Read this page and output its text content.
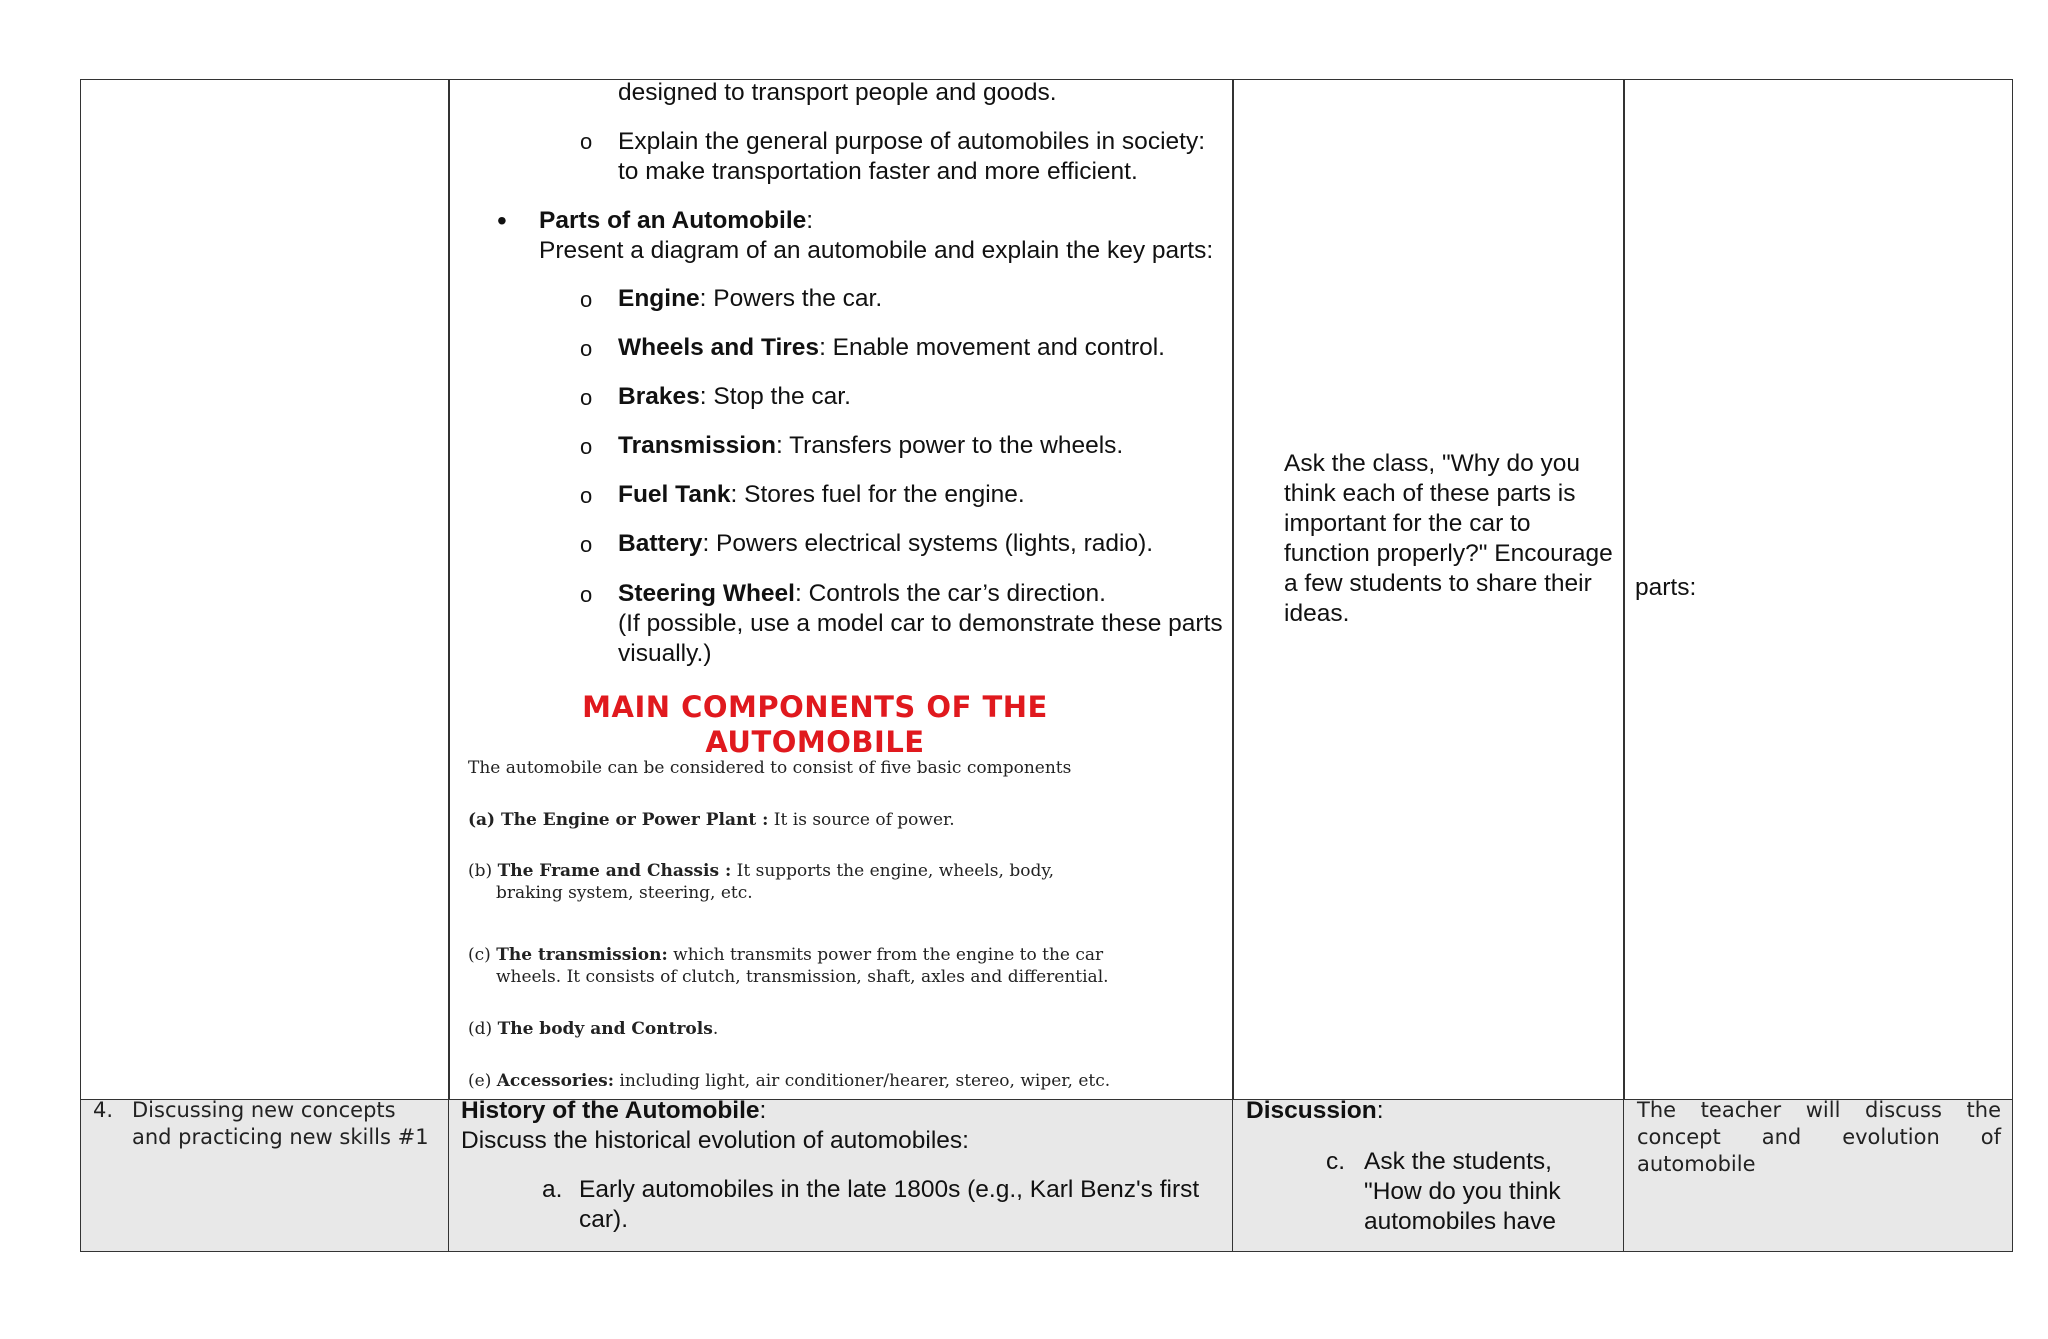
designed to transport people and goods.
o Explain the general purpose of automobiles in society:
to make transportation faster and more efficient.
• Parts of an Automobile:
Present a diagram of an automobile and explain the key parts:
o Engine: Powers the car.
o Wheels and Tires: Enable movement and control.
o Brakes: Stop the car.
o Transmission: Transfers power to the wheels.
o Fuel Tank: Stores fuel for the engine.
o Battery: Powers electrical systems (lights, radio).
o Steering Wheel: Controls the car’s direction.
(If possible, use a model car to demonstrate these parts
visually.)
MAIN COMPONENTS OF THE
AUTOMOBILE
The automobile can be considered to consist of five basic components
(a) The Engine or Power Plant : It is source of power.
(b) The Frame and Chassis : It supports the engine, wheels, body,
braking system, steering, etc.
(c) The transmission: which transmits power from the engine to the car
wheels. It consists of clutch, transmission, shaft, axles and differential.
(d) The body and Controls.
(e) Accessories: including light, air conditioner/hearer, stereo, wiper, etc.
Ask the class, "Why do you
think each of these parts is
important for the car to
function properly?" Encourage
a few students to share their
ideas.
parts:
4. Discussing new concepts
and practicing new skills #1
History of the Automobile:
Discuss the historical evolution of automobiles:
a. Early automobiles in the late 1800s (e.g., Karl Benz's first
car).
Discussion:
c. Ask the students,
"How do you think
automobiles have
The teacher will discuss the
concept and evolution of
automobile
